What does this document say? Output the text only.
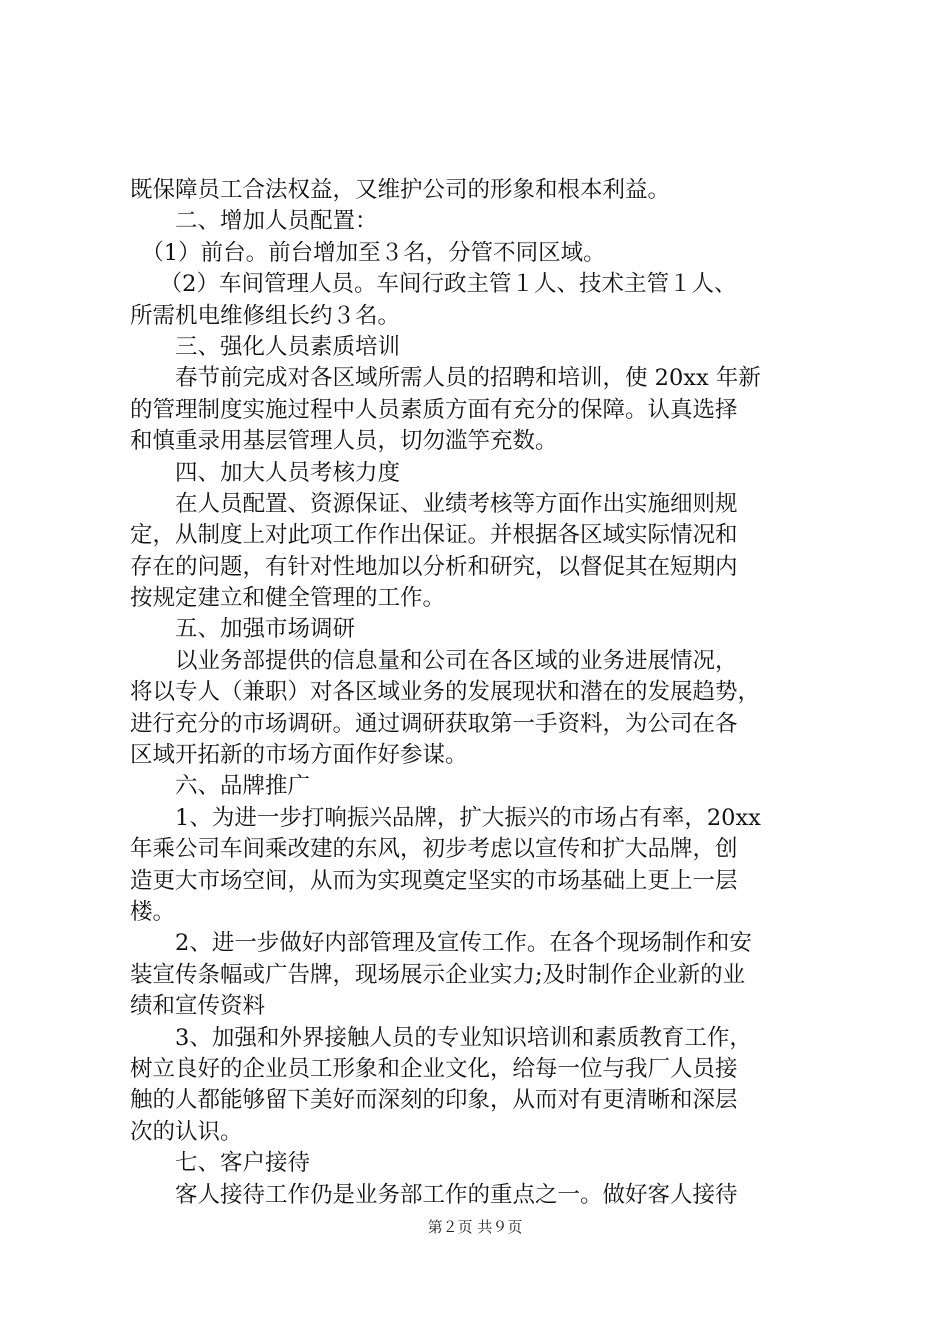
既保障员工合法权益，又维护公司的形象和根本利益。
　　二、增加人员配置：
　（1）前台。前台增加至３名，分管不同区域。
　 （2）车间管理人员。车间行政主管１人、技术主管１人、
所需机电维修组长约３名。
　　三、强化人员素质培训
　　春节前完成对各区域所需人员的招聘和培训，使 20xx 年新
的管理制度实施过程中人员素质方面有充分的保障。认真选择
和慎重录用基层管理人员，切勿滥竽充数。
　　四、加大人员考核力度
　　在人员配置、资源保证、业绩考核等方面作出实施细则规
定，从制度上对此项工作作出保证。并根据各区域实际情况和
存在的问题，有针对性地加以分析和研究，以督促其在短期内
按规定建立和健全管理的工作。
　　五、加强市场调研
　　以业务部提供的信息量和公司在各区域的业务进展情况，
将以专人（兼职）对各区域业务的发展现状和潜在的发展趋势，
进行充分的市场调研。通过调研获取第一手资料，为公司在各
区域开拓新的市场方面作好参谋。
　　六、品牌推广
　　1、为进一步打响振兴品牌，扩大振兴的市场占有率，20xx
年乘公司车间乘改建的东风，初步考虑以宣传和扩大品牌，创
造更大市场空间，从而为实现奠定坚实的市场基础上更上一层
楼。
　　2、进一步做好内部管理及宣传工作。在各个现场制作和安
装宣传条幅或广告牌，现场展示企业实力;及时制作企业新的业
绩和宣传资料
　　3、加强和外界接触人员的专业知识培训和素质教育工作，
树立良好的企业员工形象和企业文化，给每一位与我厂人员接
触的人都能够留下美好而深刻的印象，从而对有更清晰和深层
次的认识。
　　七、客户接待
　　客人接待工作仍是业务部工作的重点之一。做好客人接待
第２页 共９页
